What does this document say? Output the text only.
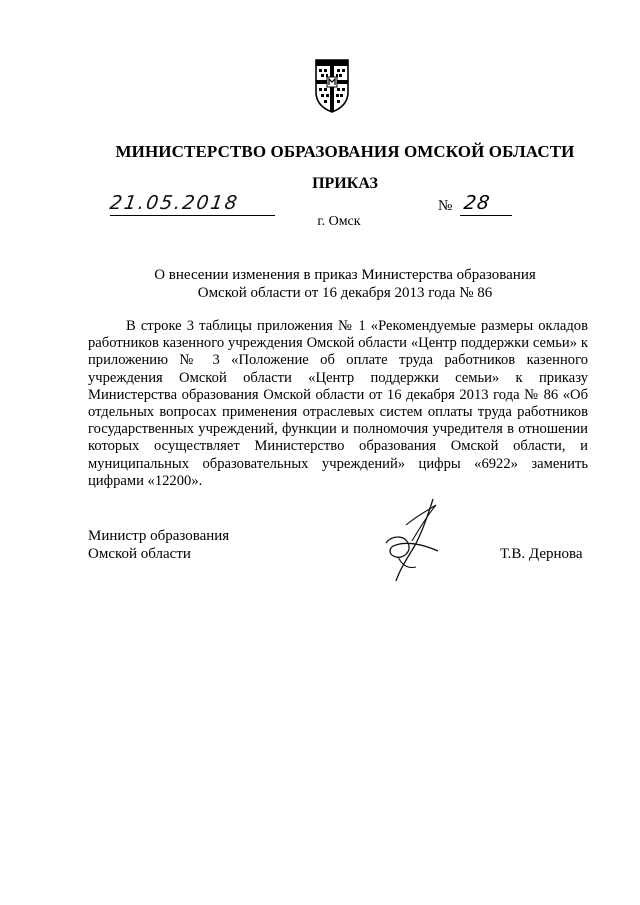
МИНИСТЕРСТВО ОБРАЗОВАНИЯ ОМСКОЙ ОБЛАСТИ
ПРИКАЗ
21.05.2018	№ 28
г. Омск
О внесении изменения в приказ Министерства образования
Омской области от 16 декабря 2013 года № 86
В строке 3 таблицы приложения № 1 «Рекомендуемые размеры окладов работников казенного учреждения Омской области «Центр поддержки семьи» к приложению № 3 «Положение об оплате труда работников казенного учреждения Омской области «Центр поддержки семьи» к приказу Министерства образования Омской области от 16 декабря 2013 года № 86 «Об отдельных вопросах применения отраслевых систем оплаты труда работников государственных учреждений, функции и полномочия учредителя в отношении которых осуществляет Министерство образования Омской области, и муниципальных образовательных учреждений» цифры «6922» заменить цифрами «12200».
Министр образования
Омской области	Т.В. Дернова
